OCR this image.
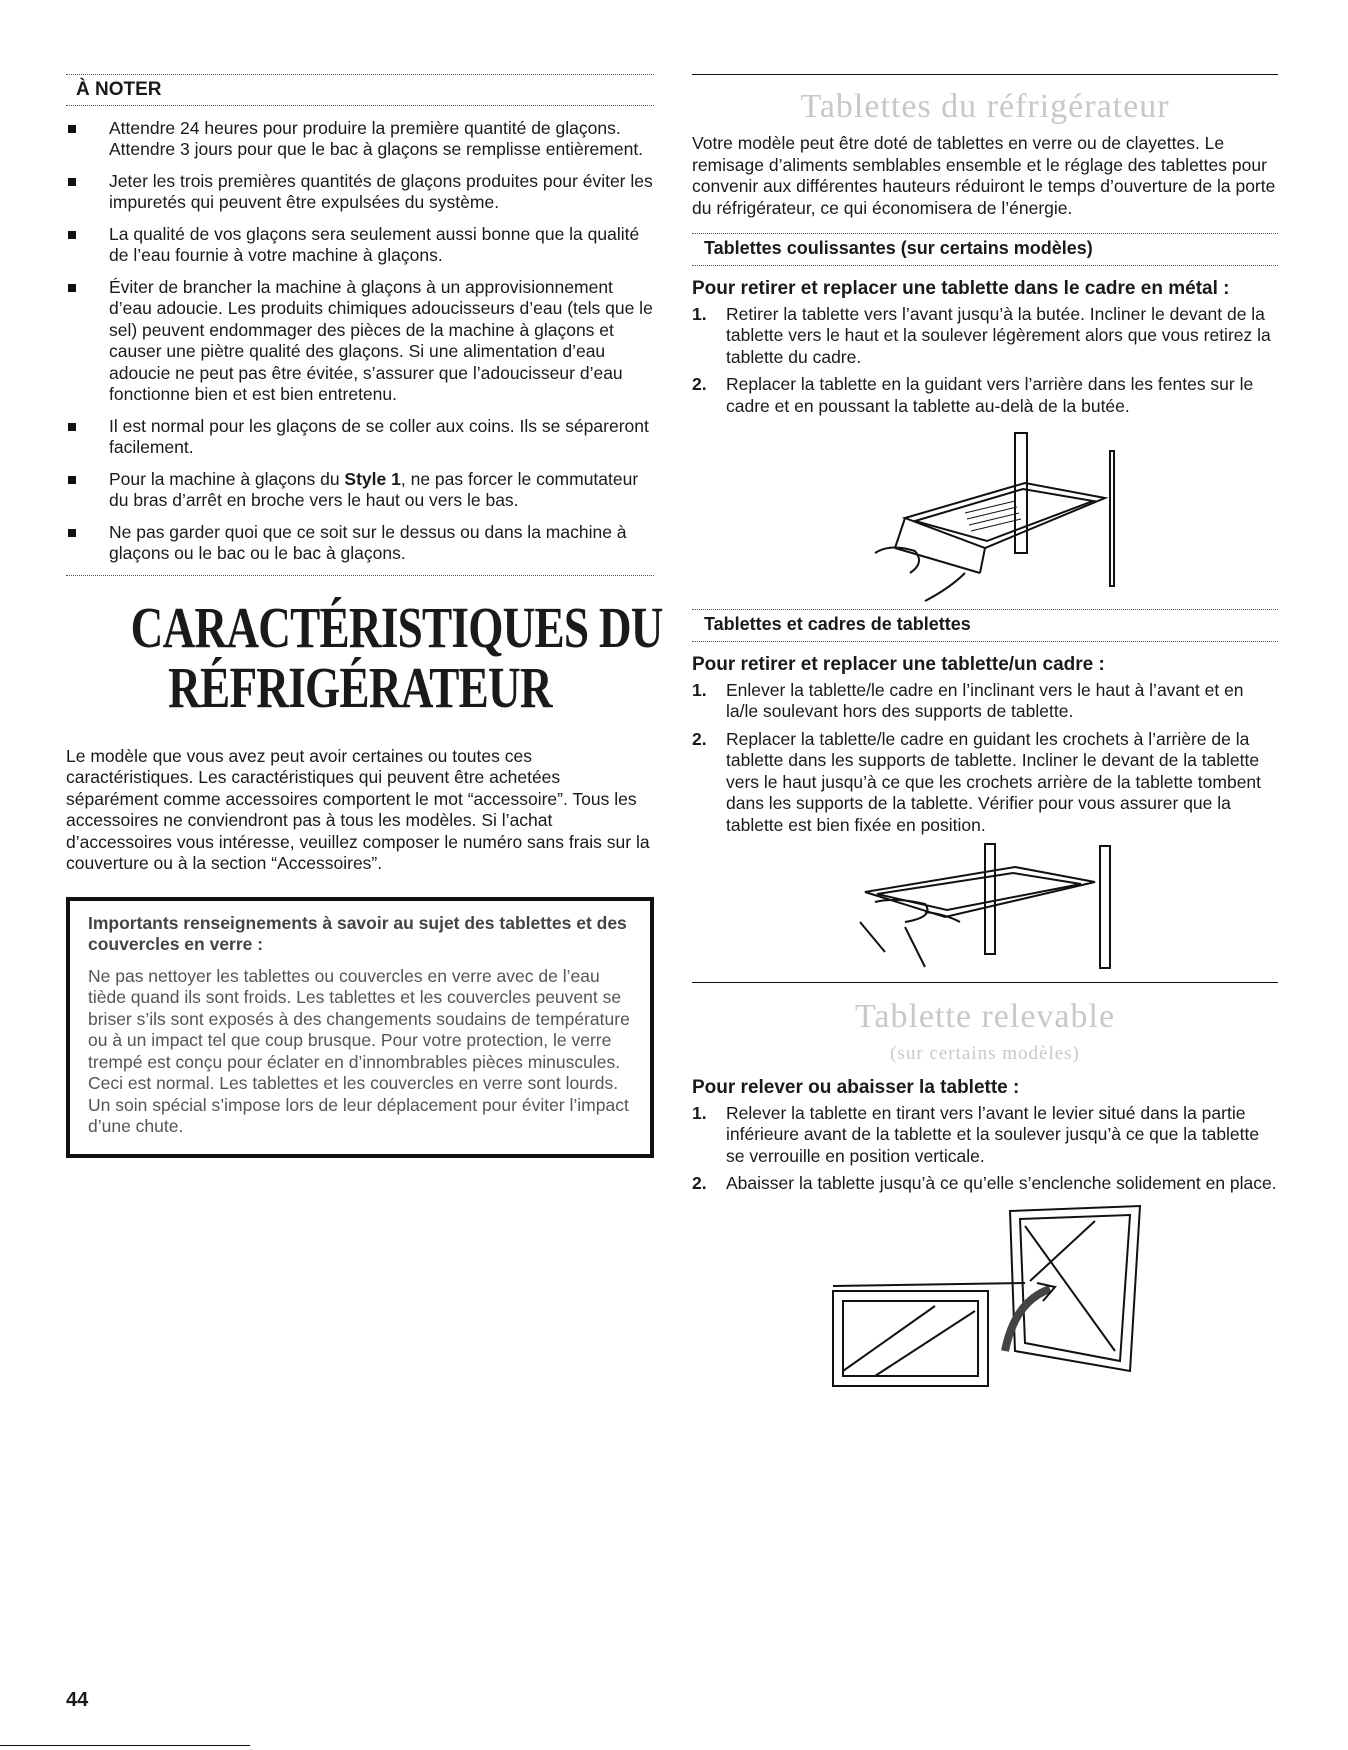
À NOTER
Attendre 24 heures pour produire la première quantité de glaçons. Attendre 3 jours pour que le bac à glaçons se remplisse entièrement.
Jeter les trois premières quantités de glaçons produites pour éviter les impuretés qui peuvent être expulsées du système.
La qualité de vos glaçons sera seulement aussi bonne que la qualité de l’eau fournie à votre machine à glaçons.
Éviter de brancher la machine à glaçons à un approvisionnement d’eau adoucie. Les produits chimiques adoucisseurs d’eau (tels que le sel) peuvent endommager des pièces de la machine à glaçons et causer une piètre qualité des glaçons. Si une alimentation d’eau adoucie ne peut pas être évitée, s’assurer que l’adoucisseur d’eau fonctionne bien et est bien entretenu.
Il est normal pour les glaçons de se coller aux coins. Ils se sépareront facilement.
Pour la machine à glaçons du Style 1, ne pas forcer le commutateur du bras d’arrêt en broche vers le haut ou vers le bas.
Ne pas garder quoi que ce soit sur le dessus ou dans la machine à glaçons ou le bac ou le bac à glaçons.
CARACTÉRISTIQUES DU
RÉFRIGÉRATEUR

Le modèle que vous avez peut avoir certaines ou toutes ces caractéristiques. Les caractéristiques qui peuvent être achetées séparément comme accessoires comportent le mot “accessoire”. Tous les accessoires ne conviendront pas à tous les modèles. Si l’achat d’accessoires vous intéresse, veuillez composer le numéro sans frais sur la couverture ou à la section “Accessoires”.

Importants renseignements à savoir au sujet des tablettes et des couvercles en verre :

Ne pas nettoyer les tablettes ou couvercles en verre avec de l’eau tiède quand ils sont froids. Les tablettes et les couvercles peuvent se briser s’ils sont exposés à des changements soudains de température ou à un impact tel que coup brusque. Pour votre protection, le verre trempé est conçu pour éclater en d’innombrables pièces minuscules. Ceci est normal. Les tablettes et les couvercles en verre sont lourds. Un soin spécial s’impose lors de leur déplacement pour éviter l’impact d’une chute.

Tablettes du réfrigérateur

Votre modèle peut être doté de tablettes en verre ou de clayettes. Le remisage d’aliments semblables ensemble et le réglage des tablettes pour convenir aux différentes hauteurs réduiront le temps d’ouverture de la porte du réfrigérateur, ce qui économisera de l’énergie.

Tablettes coulissantes (sur certains modèles)
Pour retirer et replacer une tablette dans le cadre en métal :
1. Retirer la tablette vers l’avant jusqu’à la butée. Incliner le devant de la tablette vers le haut et la soulever légèrement alors que vous retirez la tablette du cadre.
2. Replacer la tablette en la guidant vers l’arrière dans les fentes sur le cadre et en poussant la tablette au-delà de la butée.
Tablettes et cadres de tablettes
Pour retirer et replacer une tablette/un cadre :
1. Enlever la tablette/le cadre en l’inclinant vers le haut à l’avant et en la/le soulevant hors des supports de tablette.
2. Replacer la tablette/le cadre en guidant les crochets à l’arrière de la tablette dans les supports de tablette. Incliner le devant de la tablette vers le haut jusqu’à ce que les crochets arrière de la tablette tombent dans les supports de la tablette. Vérifier pour vous assurer que la tablette est bien fixée en position.
Tablette relevable
(sur certains modèles)
Pour relever ou abaisser la tablette :
1. Relever la tablette en tirant vers l’avant le levier situé dans la partie inférieure avant de la tablette et la soulever jusqu’à ce que la tablette se verrouille en position verticale.
2. Abaisser la tablette jusqu’à ce qu’elle s’enclenche solidement en place.
44
